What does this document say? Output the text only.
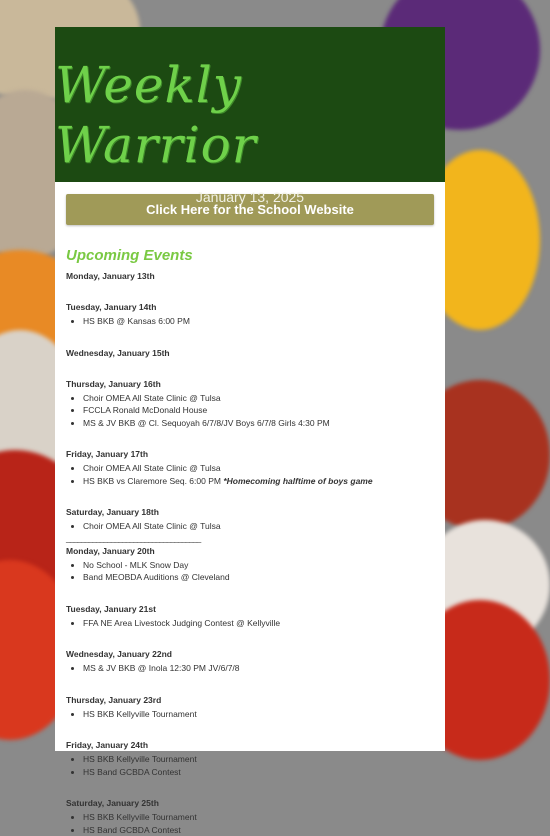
Weekly Warrior
Click Here for the School Website
Upcoming Events
Monday, January 13th
Tuesday, January 14th
• HS BKB @ Kansas 6:00 PM
Wednesday, January 15th
Thursday, January 16th
• Choir OMEA All State Clinic @ Tulsa
• FCCLA Ronald McDonald House
• MS & JV BKB @ Cl. Sequoyah 6/7/8/JV Boys 6/7/8 Girls 4:30 PM
Friday, January 17th
• Choir OMEA All State Clinic @ Tulsa
• HS BKB vs Claremore Seq. 6:00 PM *Homecoming halftime of boys game
Saturday, January 18th
• Choir OMEA All State Clinic @ Tulsa
____________________________________
Monday, January 20th
• No School - MLK Snow Day
• Band MEOBDA Auditions @ Cleveland
Tuesday, January 21st
• FFA NE Area Livestock Judging Contest @ Kellyville
Wednesday, January 22nd
• MS & JV BKB @ Inola 12:30 PM JV/6/7/8
Thursday, January 23rd
• HS BKB Kellyville Tournament
Friday, January 24th
• HS BKB Kellyville Tournament
• HS Band GCBDA Contest
Saturday, January 25th
• HS BKB Kellyville Tournament
• HS Band GCBDA Contest
